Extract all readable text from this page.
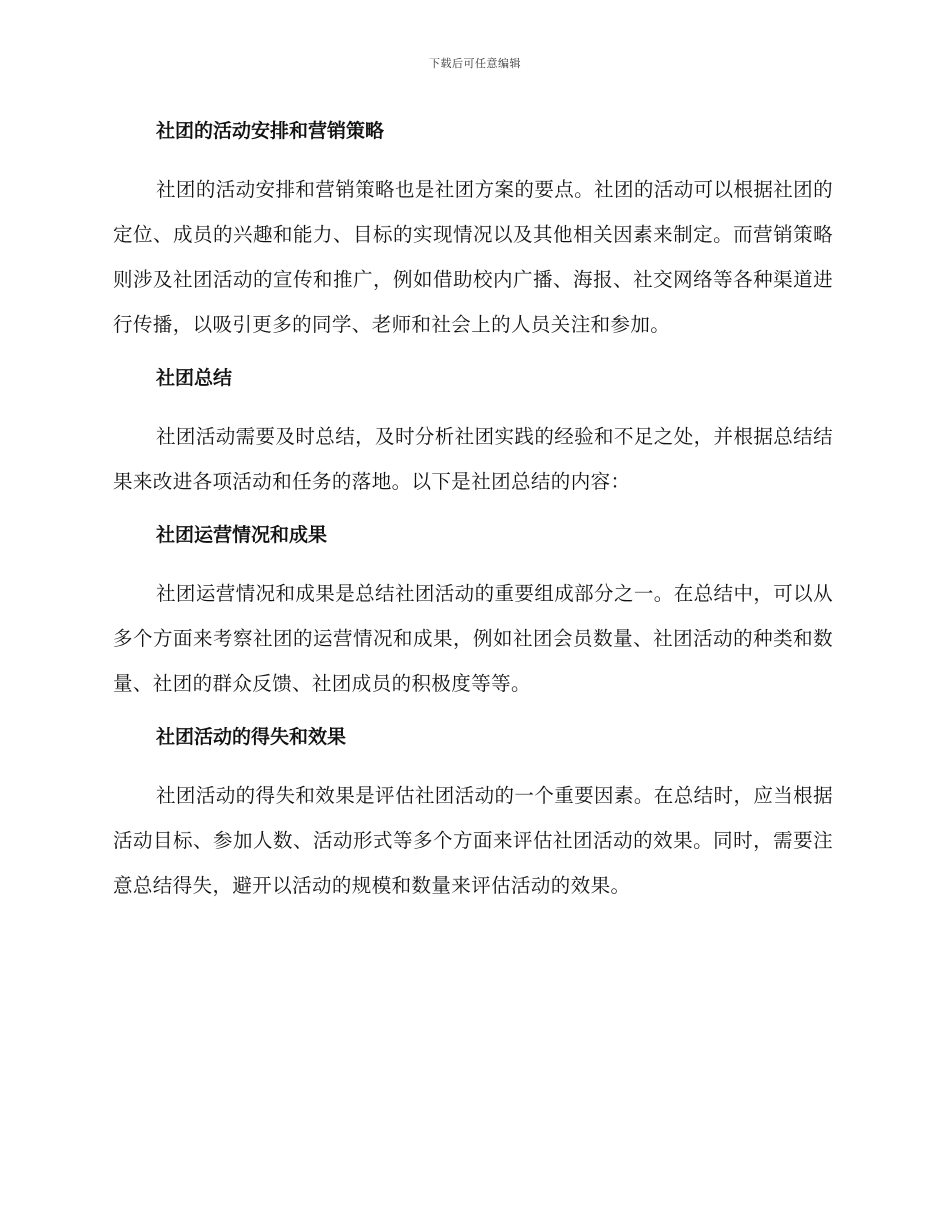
下载后可任意编辑
社团的活动安排和营销策略

社团的活动安排和营销策略也是社团方案的要点。社团的活动可以根据社团的定位、成员的兴趣和能力、目标的实现情况以及其他相关因素来制定。而营销策略则涉及社团活动的宣传和推广，例如借助校内广播、海报、社交网络等各种渠道进行传播，以吸引更多的同学、老师和社会上的人员关注和参加。

社团总结

社团活动需要及时总结，及时分析社团实践的经验和不足之处，并根据总结结果来改进各项活动和任务的落地。以下是社团总结的内容：

社团运营情况和成果

社团运营情况和成果是总结社团活动的重要组成部分之一。在总结中，可以从多个方面来考察社团的运营情况和成果，例如社团会员数量、社团活动的种类和数量、社团的群众反馈、社团成员的积极度等等。

社团活动的得失和效果

社团活动的得失和效果是评估社团活动的一个重要因素。在总结时，应当根据活动目标、参加人数、活动形式等多个方面来评估社团活动的效果。同时，需要注意总结得失，避开以活动的规模和数量来评估活动的效果。
